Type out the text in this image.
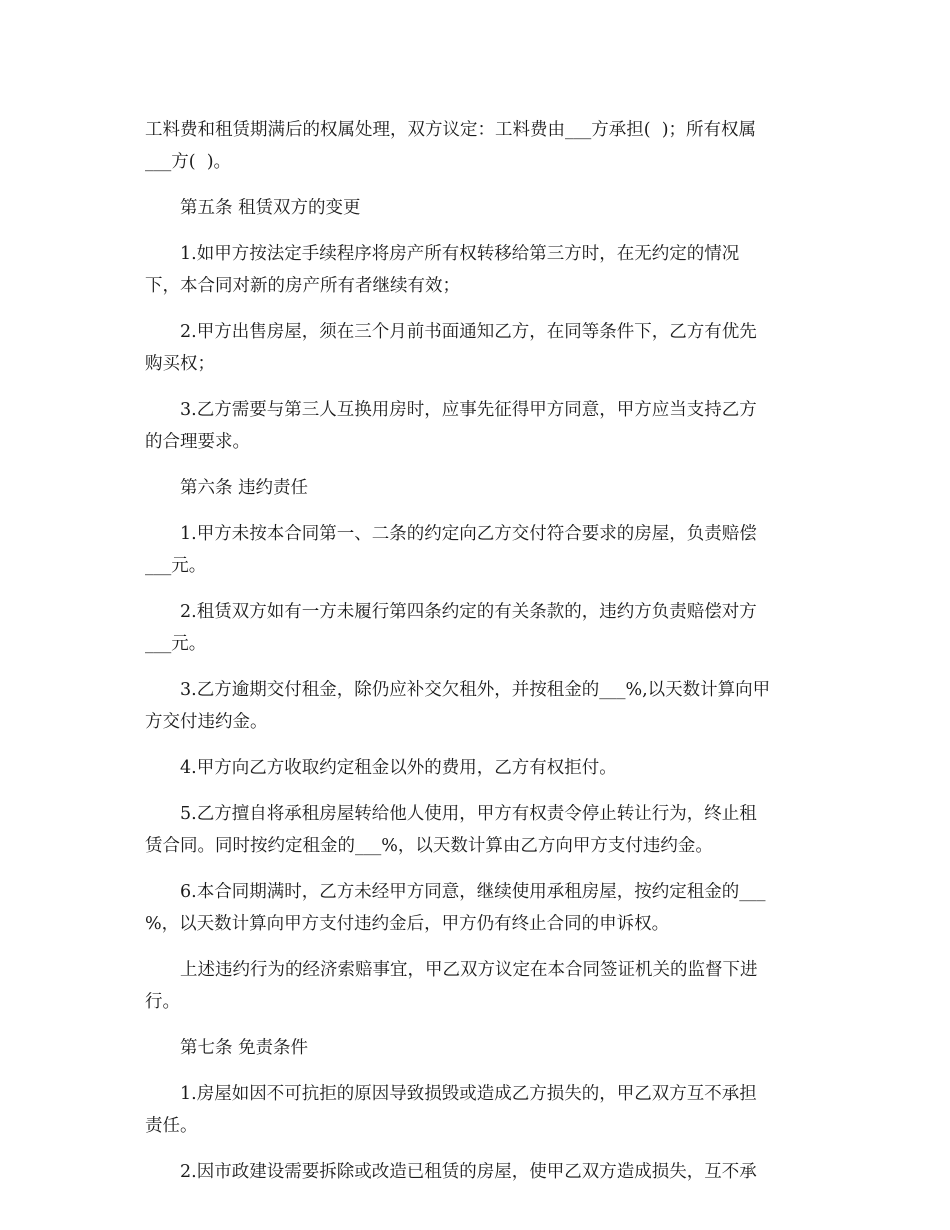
工料费和租赁期满后的权属处理，双方议定：工料费由___方承担(  )；所有权属
___方(  )。
第五条 租赁双方的变更
1.如甲方按法定手续程序将房产所有权转移给第三方时，在无约定的情况
下，本合同对新的房产所有者继续有效；
2.甲方出售房屋，须在三个月前书面通知乙方，在同等条件下，乙方有优先
购买权；
3.乙方需要与第三人互换用房时，应事先征得甲方同意，甲方应当支持乙方
的合理要求。
第六条 违约责任
1.甲方未按本合同第一、二条的约定向乙方交付符合要求的房屋，负责赔偿
___元。
2.租赁双方如有一方未履行第四条约定的有关条款的，违约方负责赔偿对方
___元。
3.乙方逾期交付租金，除仍应补交欠租外，并按租金的___%,以天数计算向甲
方交付违约金。
4.甲方向乙方收取约定租金以外的费用，乙方有权拒付。
5.乙方擅自将承租房屋转给他人使用，甲方有权责令停止转让行为，终止租
赁合同。同时按约定租金的___%，以天数计算由乙方向甲方支付违约金。
6.本合同期满时，乙方未经甲方同意，继续使用承租房屋，按约定租金的___
%，以天数计算向甲方支付违约金后，甲方仍有终止合同的申诉权。
上述违约行为的经济索赔事宜，甲乙双方议定在本合同签证机关的监督下进
行。
第七条 免责条件
1.房屋如因不可抗拒的原因导致损毁或造成乙方损失的，甲乙双方互不承担
责任。
2.因市政建设需要拆除或改造已租赁的房屋，使甲乙双方造成损失，互不承
